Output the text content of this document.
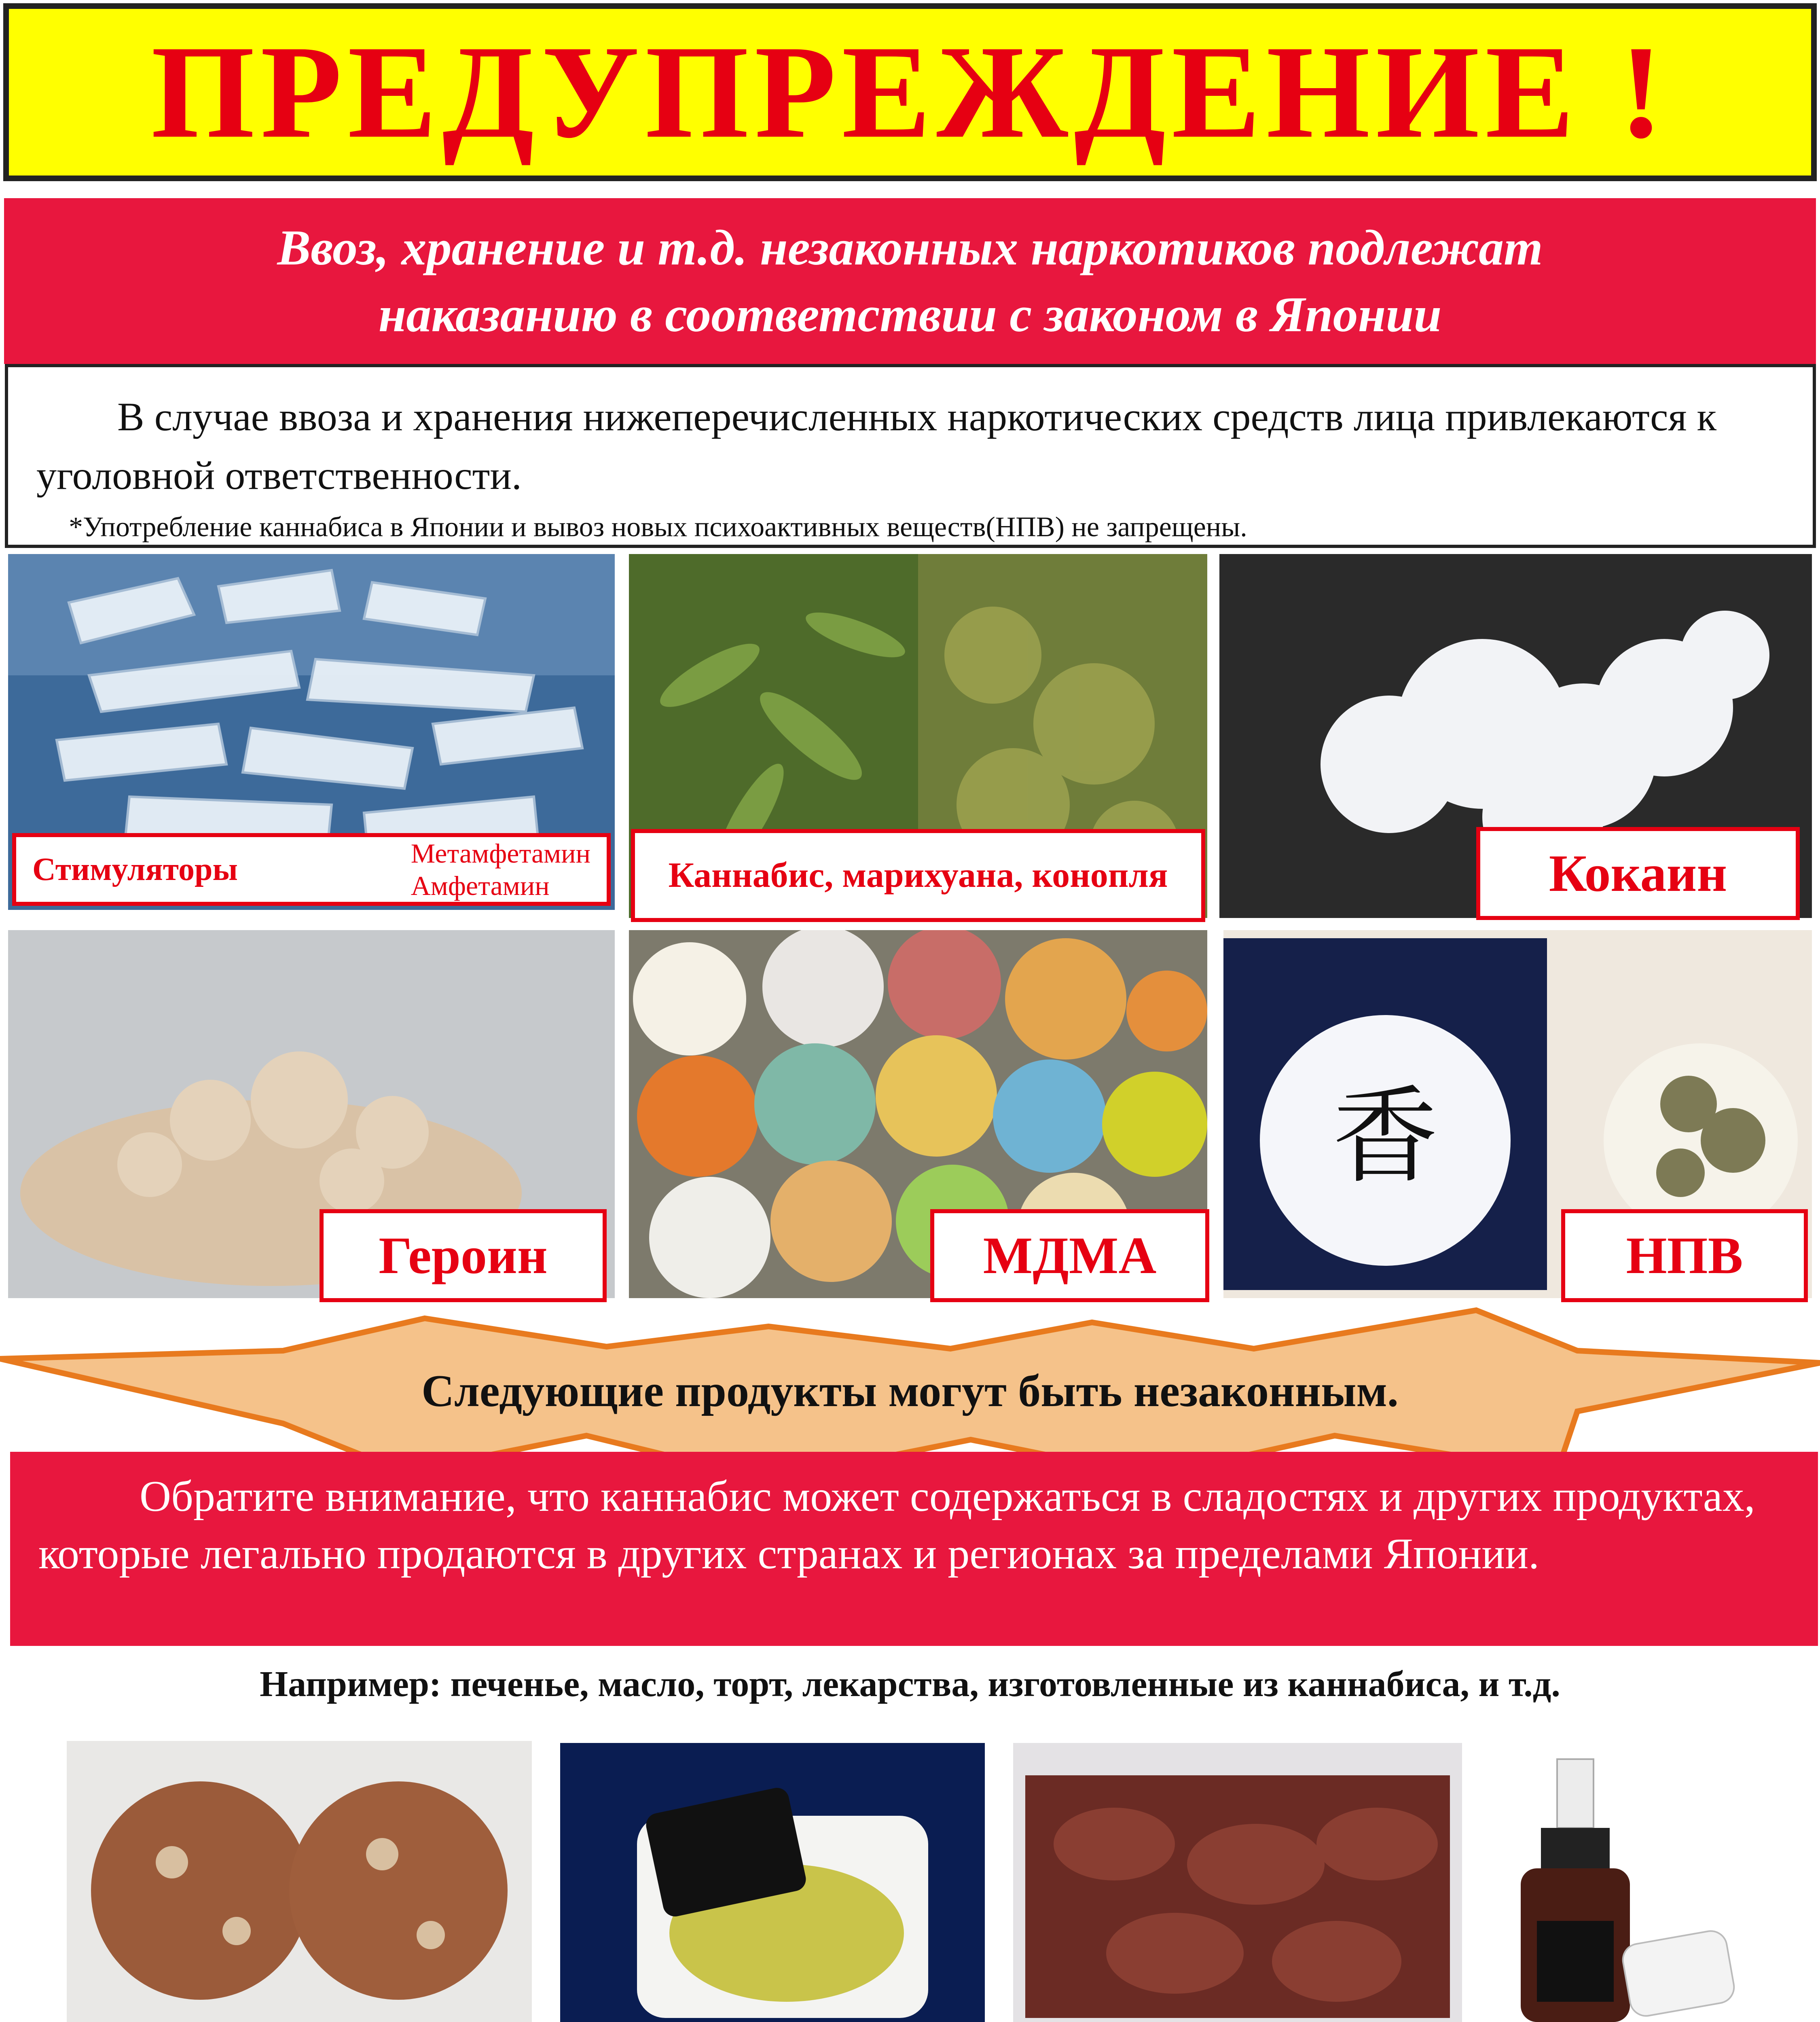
ПРЕДУПРЕЖДЕНИЕ !
Ввоз, хранение и т.д. незаконных наркотиков подлежат
наказанию в соответствии с законом в Японии
В случае ввоза и хранения нижеперечисленных наркотических средств лица привлекаются к уголовной ответственности.
*Употребление каннабиса в Японии и вывоз новых психоактивных веществ(НПВ) не запрещены.
Стимуляторы	Метамфетамин
Амфетамин	Каннабис, марихуана, конопля	Кокаин
Героин	МДМА
香
НПВ
Следующие продукты могут быть незаконным.
Обратите внимание, что каннабис может содержаться в сладостях и других продуктах, которые легально продаются в других странах и регионах за пределами Японии.
Например: печенье, масло, торт, лекарства, изготовленные из каннабиса, и т.д.
